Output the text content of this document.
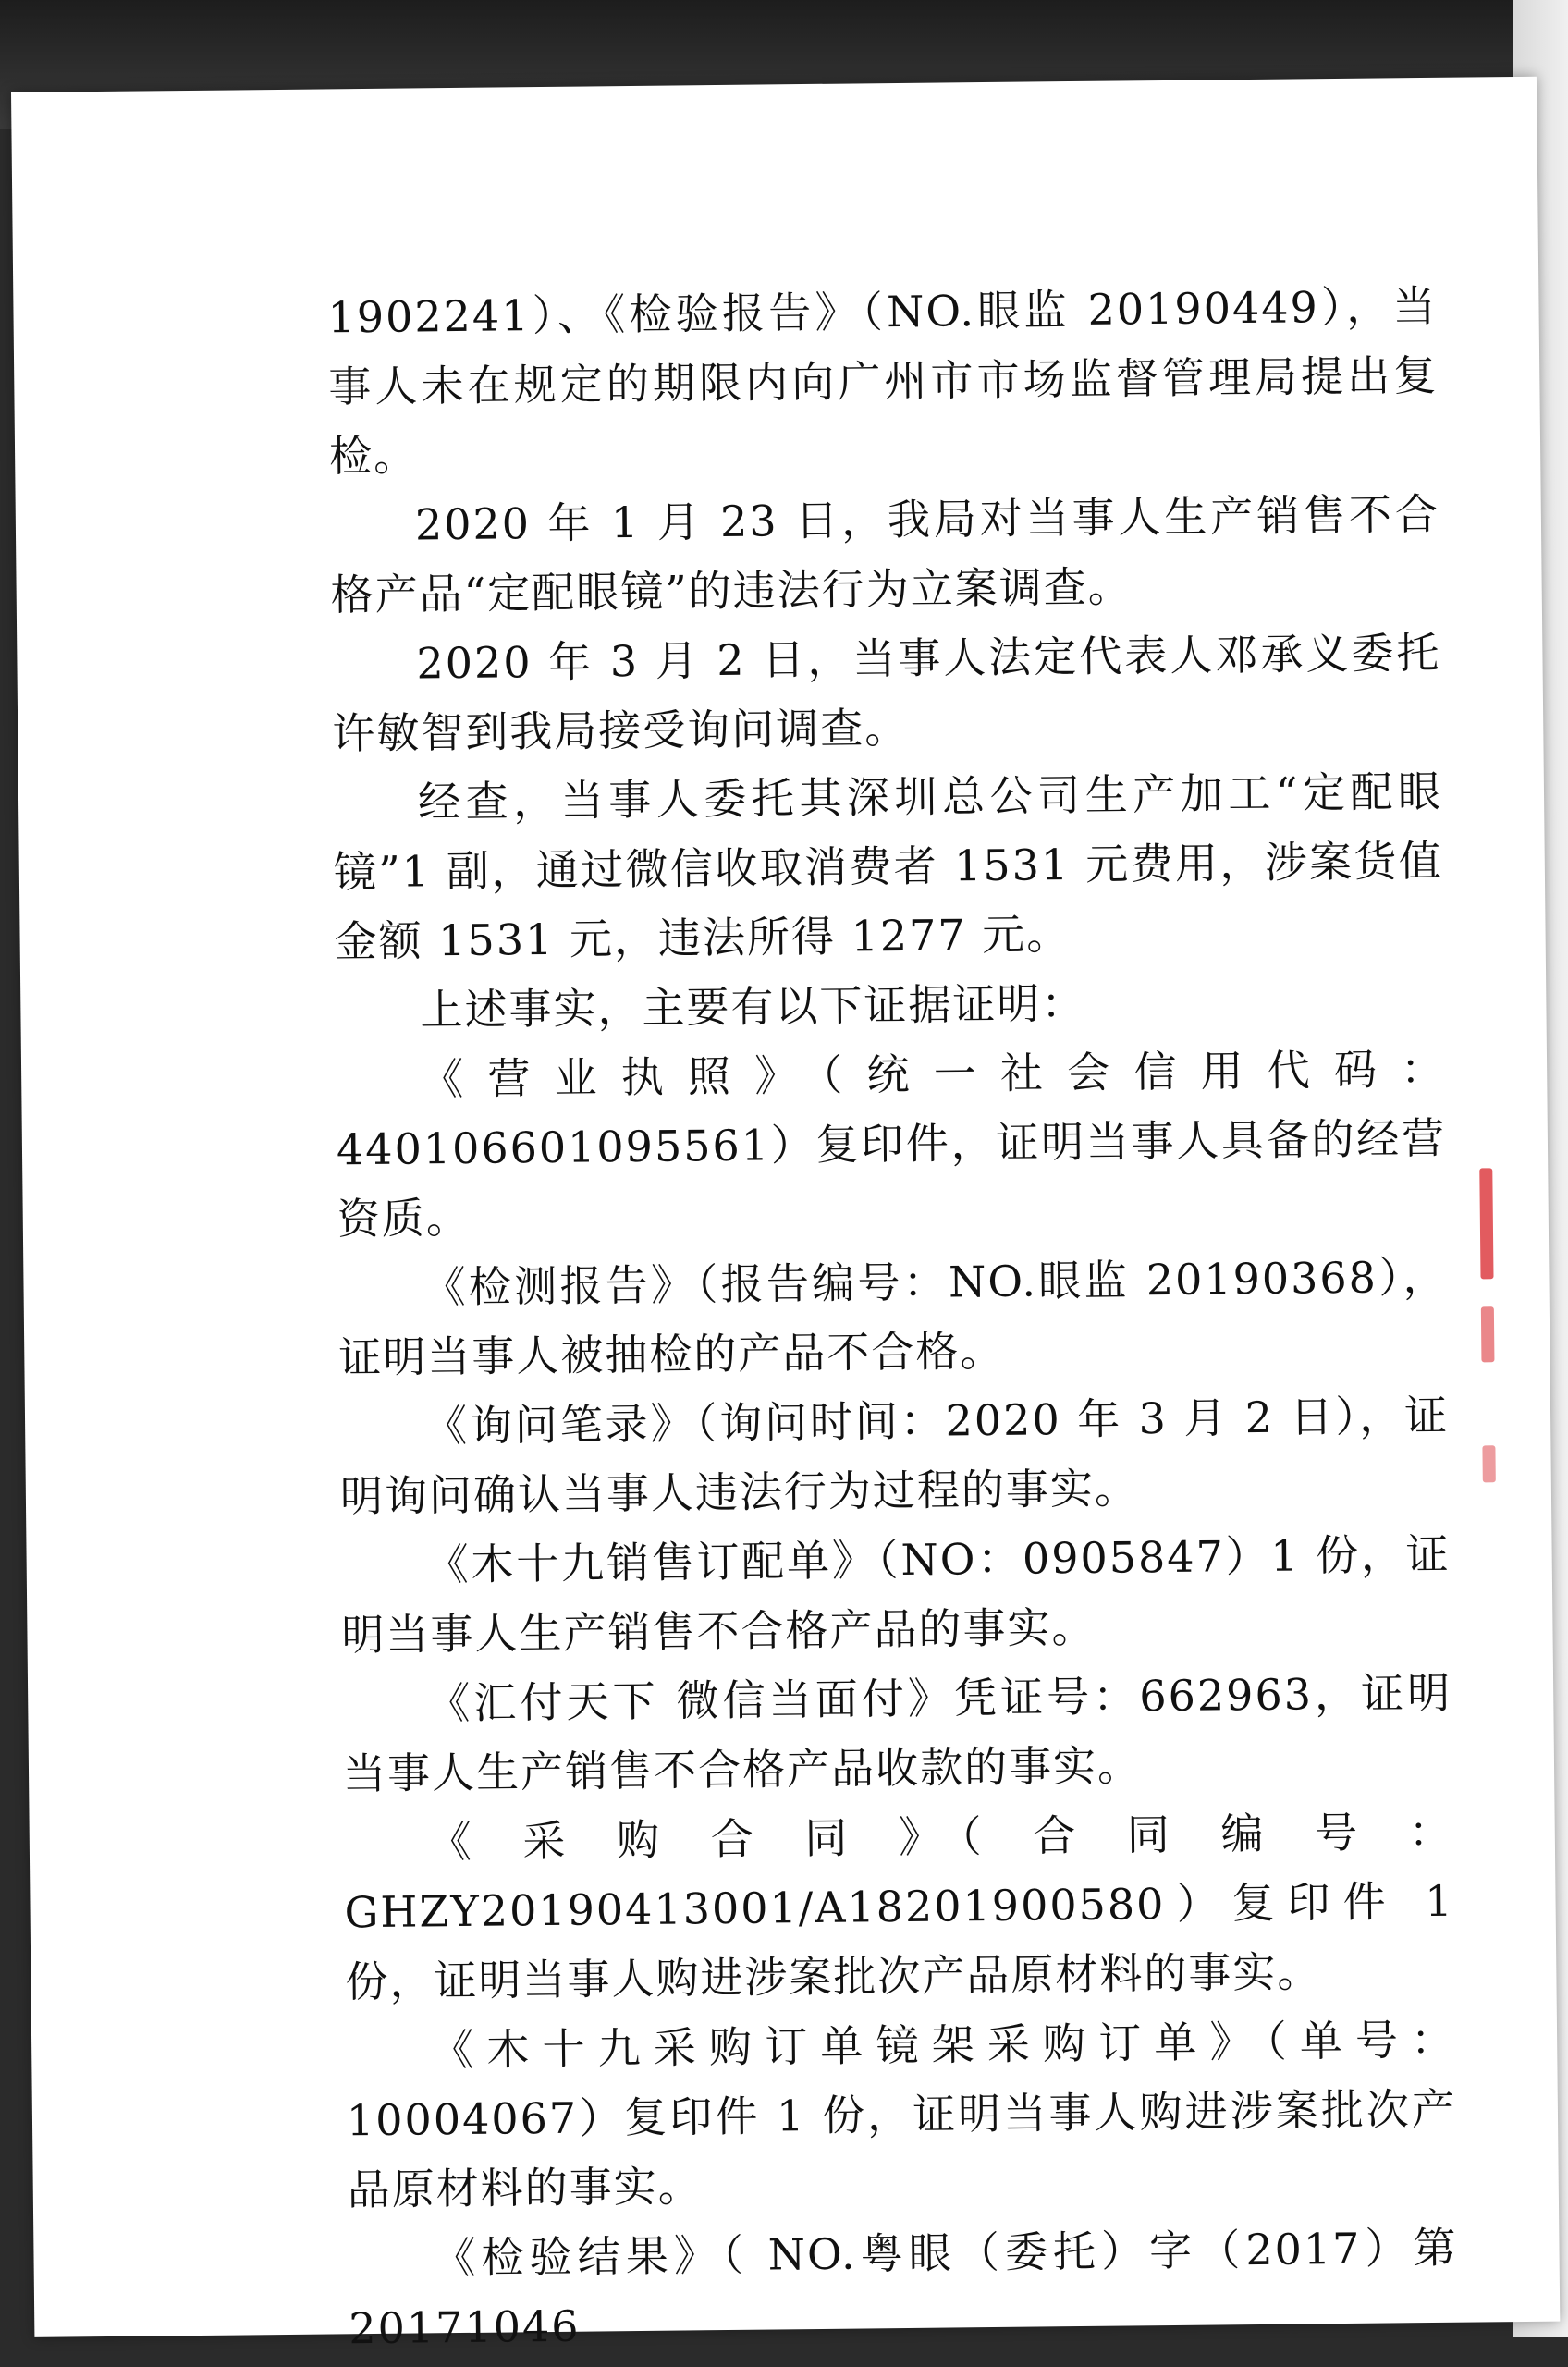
1902241）、《检验报告》（NO.眼监 20190449），当事人未在规定的期限内向广州市市场监督管理局提出复检。

2020 年 1 月 23 日，我局对当事人生产销售不合格产品“定配眼镜”的违法行为立案调查。

2020 年 3 月 2 日，当事人法定代表人邓承义委托许敏智到我局接受询问调查。

经查，当事人委托其深圳总公司生产加工“定配眼镜”1 副，通过微信收取消费者 1531 元费用，涉案货值金额 1531 元，违法所得 1277 元。

上述事实，主要有以下证据证明：

《营业执照》（统一社会信用代码：440106601095561）复印件，证明当事人具备的经营资质。

《检测报告》（报告编号：NO.眼监 20190368），证明当事人被抽检的产品不合格。

《询问笔录》（询问时间：2020 年 3 月 2 日），证明询问确认当事人违法行为过程的事实。

《木十九销售订配单》（NO：0905847）1 份，证明当事人生产销售不合格产品的事实。

《汇付天下 微信当面付》凭证号：662963，证明当事人生产销售不合格产品收款的事实。

《 采 购 合 同 》（ 合 同 编 号 ：GHZY20190413001/A18201900580）复印件 1 份，证明当事人购进涉案批次产品原材料的事实。

《木十九采购订单镜架采购订单》（单号：10004067）复印件 1 份，证明当事人购进涉案批次产品原材料的事实。

《检验结果》（ NO.粤眼（委托）字（2017）第 20171046
